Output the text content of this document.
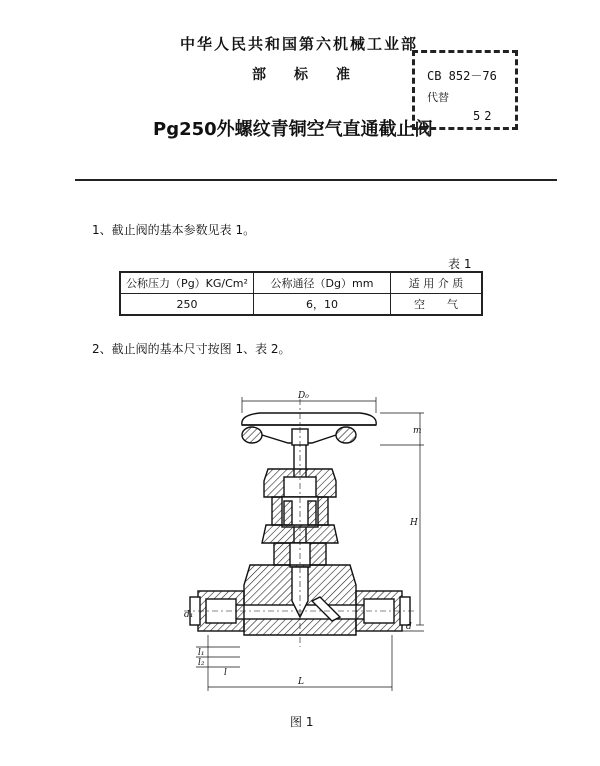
中华人民共和国第六机械工业部
部标准
Pg250外螺纹青铜空气直通截止阀
CB 852－76
代替
52
1、截止阀的基本参数见表 1。
表 1
公称压力（Pg）KG/Cm²	公称通径（Dg）mm	适 用 介 质
250	6，10	空　　气
2、截止阀的基本尺寸按图 1、表 2。
D₀
m
H
d₁
d
l₁
l₂
l
L
图 1
